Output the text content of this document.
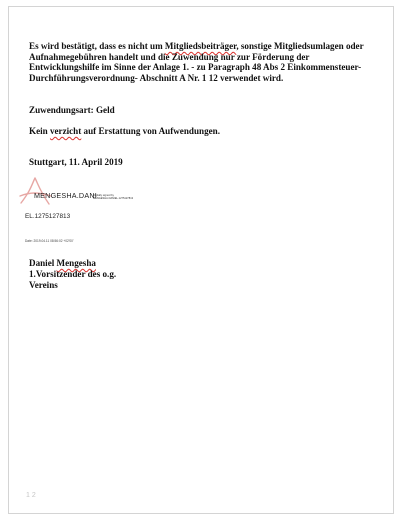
Es wird bestätigt, dass es nicht um Mitgliedsbeiträger, sonstige Mitgliedsumlagen oder Aufnahmegebühren handelt und die Zuwendung nur zur Förderung der Entwicklungshilfe im Sinne der Anlage 1. - zu Paragraph 48 Abs 2 Einkommensteuer-Durchführungsverordnung- Abschnitt A Nr. 1 12 verwendet wird.

Zuwendungsart: Geld

Kein verzicht auf Erstattung von Aufwendungen.

Stuttgart, 11. April 2019

MENGESHA.DANI
Digitally signed by
MENGESHA.DANIEL.1275127813
EL.1275127813
Date: 2019.04.11 08:56:02 +02'00'

Daniel Mengesha

1.Vorsitzender des o.g.

Vereins

1 2
